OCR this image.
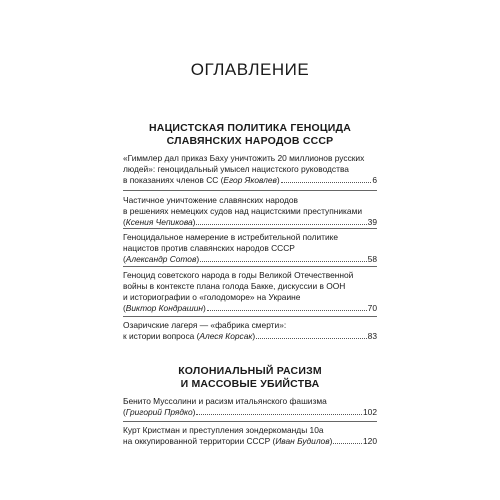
ОГЛАВЛЕНИЕ
НАЦИСТСКАЯ ПОЛИТИКА ГЕНОЦИДА
СЛАВЯНСКИХ НАРОДОВ СССР
«Гиммлер дал приказ Баху уничтожить 20 миллионов русских
людей»: геноцидальный умысел нацистского руководства
в показаниях членов СС ( Егор Яковлев )	6
Частичное уничтожение славянских народов
в решениях немецких судов над нацистскими преступниками
( Ксения Чепикова )	39
Геноцидальное намерение в истребительной политике
нацистов против славянских народов СССР
( Александр Сотов )	58
Геноцид советского народа в годы Великой Отечественной
войны в контексте плана голода Бакке, дискуссии в ООН
и историографии о «голодоморе» на Украине
( Виктор Кондрашин )	70
Озаричские лагеря — «фабрика смерти»:
к истории вопроса ( Алеся Корсак )	83
КОЛОНИАЛЬНЫЙ РАСИЗМ
И МАССОВЫЕ УБИЙСТВА
Бенито Муссолини и расизм итальянского фашизма
( Григорий Прядко )	102
Курт Кристман и преступления зондеркоманды 10а
на оккупированной территории СССР ( Иван Будилов )	120
